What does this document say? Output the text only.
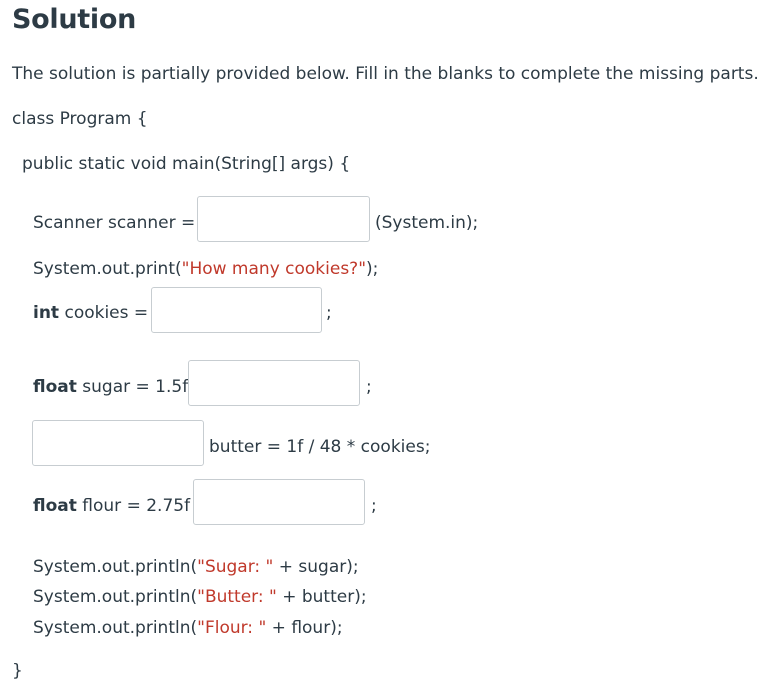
Solution
The solution is partially provided below. Fill in the blanks to complete the missing parts.
class Program {
public static void main(String[] args) {
Scanner scanner =	(System.in);
System.out.print("How many cookies?");
int cookies =	;
float sugar = 1.5f	;
butter = 1f / 48 * cookies;
float flour = 2.75f	;
System.out.println("Sugar: " + sugar);
System.out.println("Butter: " + butter);
System.out.println("Flour: " + flour);
}
